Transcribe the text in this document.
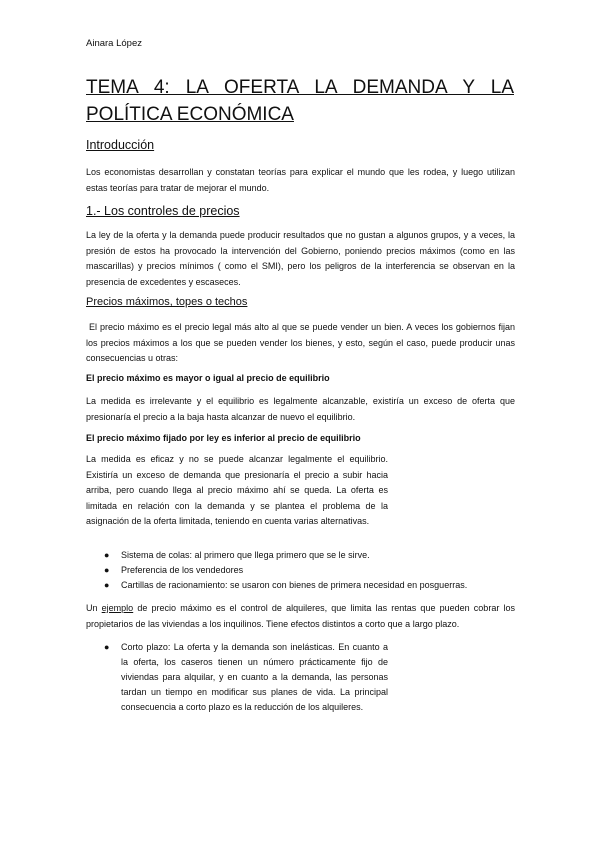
Ainara López
TEMA 4: LA OFERTA LA DEMANDA Y LA POLÍTICA ECONÓMICA
Introducción

Los economistas desarrollan y constatan teorías para explicar el mundo que les rodea, y luego utilizan estas teorías para tratar de mejorar el mundo.

1.- Los controles de precios

La ley de la oferta y la demanda puede producir resultados que no gustan a algunos grupos, y a veces, la presión de estos ha provocado la intervención del Gobierno, poniendo precios máximos (como en las mascarillas) y precios mínimos ( como el SMI), pero los peligros de la interferencia se observan en la presencia de excedentes y escaseces.

Precios máximos, topes o techos

El precio máximo es el precio legal más alto al que se puede vender un bien. A veces los gobiernos fijan los precios máximos a los que se pueden vender los bienes, y esto, según el caso, puede producir unas consecuencias u otras:

El precio máximo es mayor o igual al precio de equilibrio

La medida es irrelevante y el equilibrio es legalmente alcanzable, existiría un exceso de oferta que presionaría el precio a la baja hasta alcanzar de nuevo el equilibrio.

El precio máximo fijado por ley es inferior al precio de equilibrio

La medida es eficaz y no se puede alcanzar legalmente el equilibrio. Existiría un exceso de demanda que presionaría el precio a subir hacia arriba, pero cuando llega al precio máximo ahí se queda. La oferta es limitada en relación con la demanda y se plantea el problema de la asignación de la oferta limitada, teniendo en cuenta varias alternativas.

● Sistema de colas: al primero que llega primero que se le sirve.
● Preferencia de los vendedores
● Cartillas de racionamiento: se usaron con bienes de primera necesidad en posguerras.

Un ejemplo de precio máximo es el control de alquileres, que limita las rentas que pueden cobrar los propietarios de las viviendas a los inquilinos. Tiene efectos distintos a corto que a largo plazo.

● Corto plazo: La oferta y la demanda son inelásticas. En cuanto a la oferta, los caseros tienen un número prácticamente fijo de viviendas para alquilar, y en cuanto a la demanda, las personas tardan un tiempo en modificar sus planes de vida. La principal consecuencia a corto plazo es la reducción de los alquileres.
